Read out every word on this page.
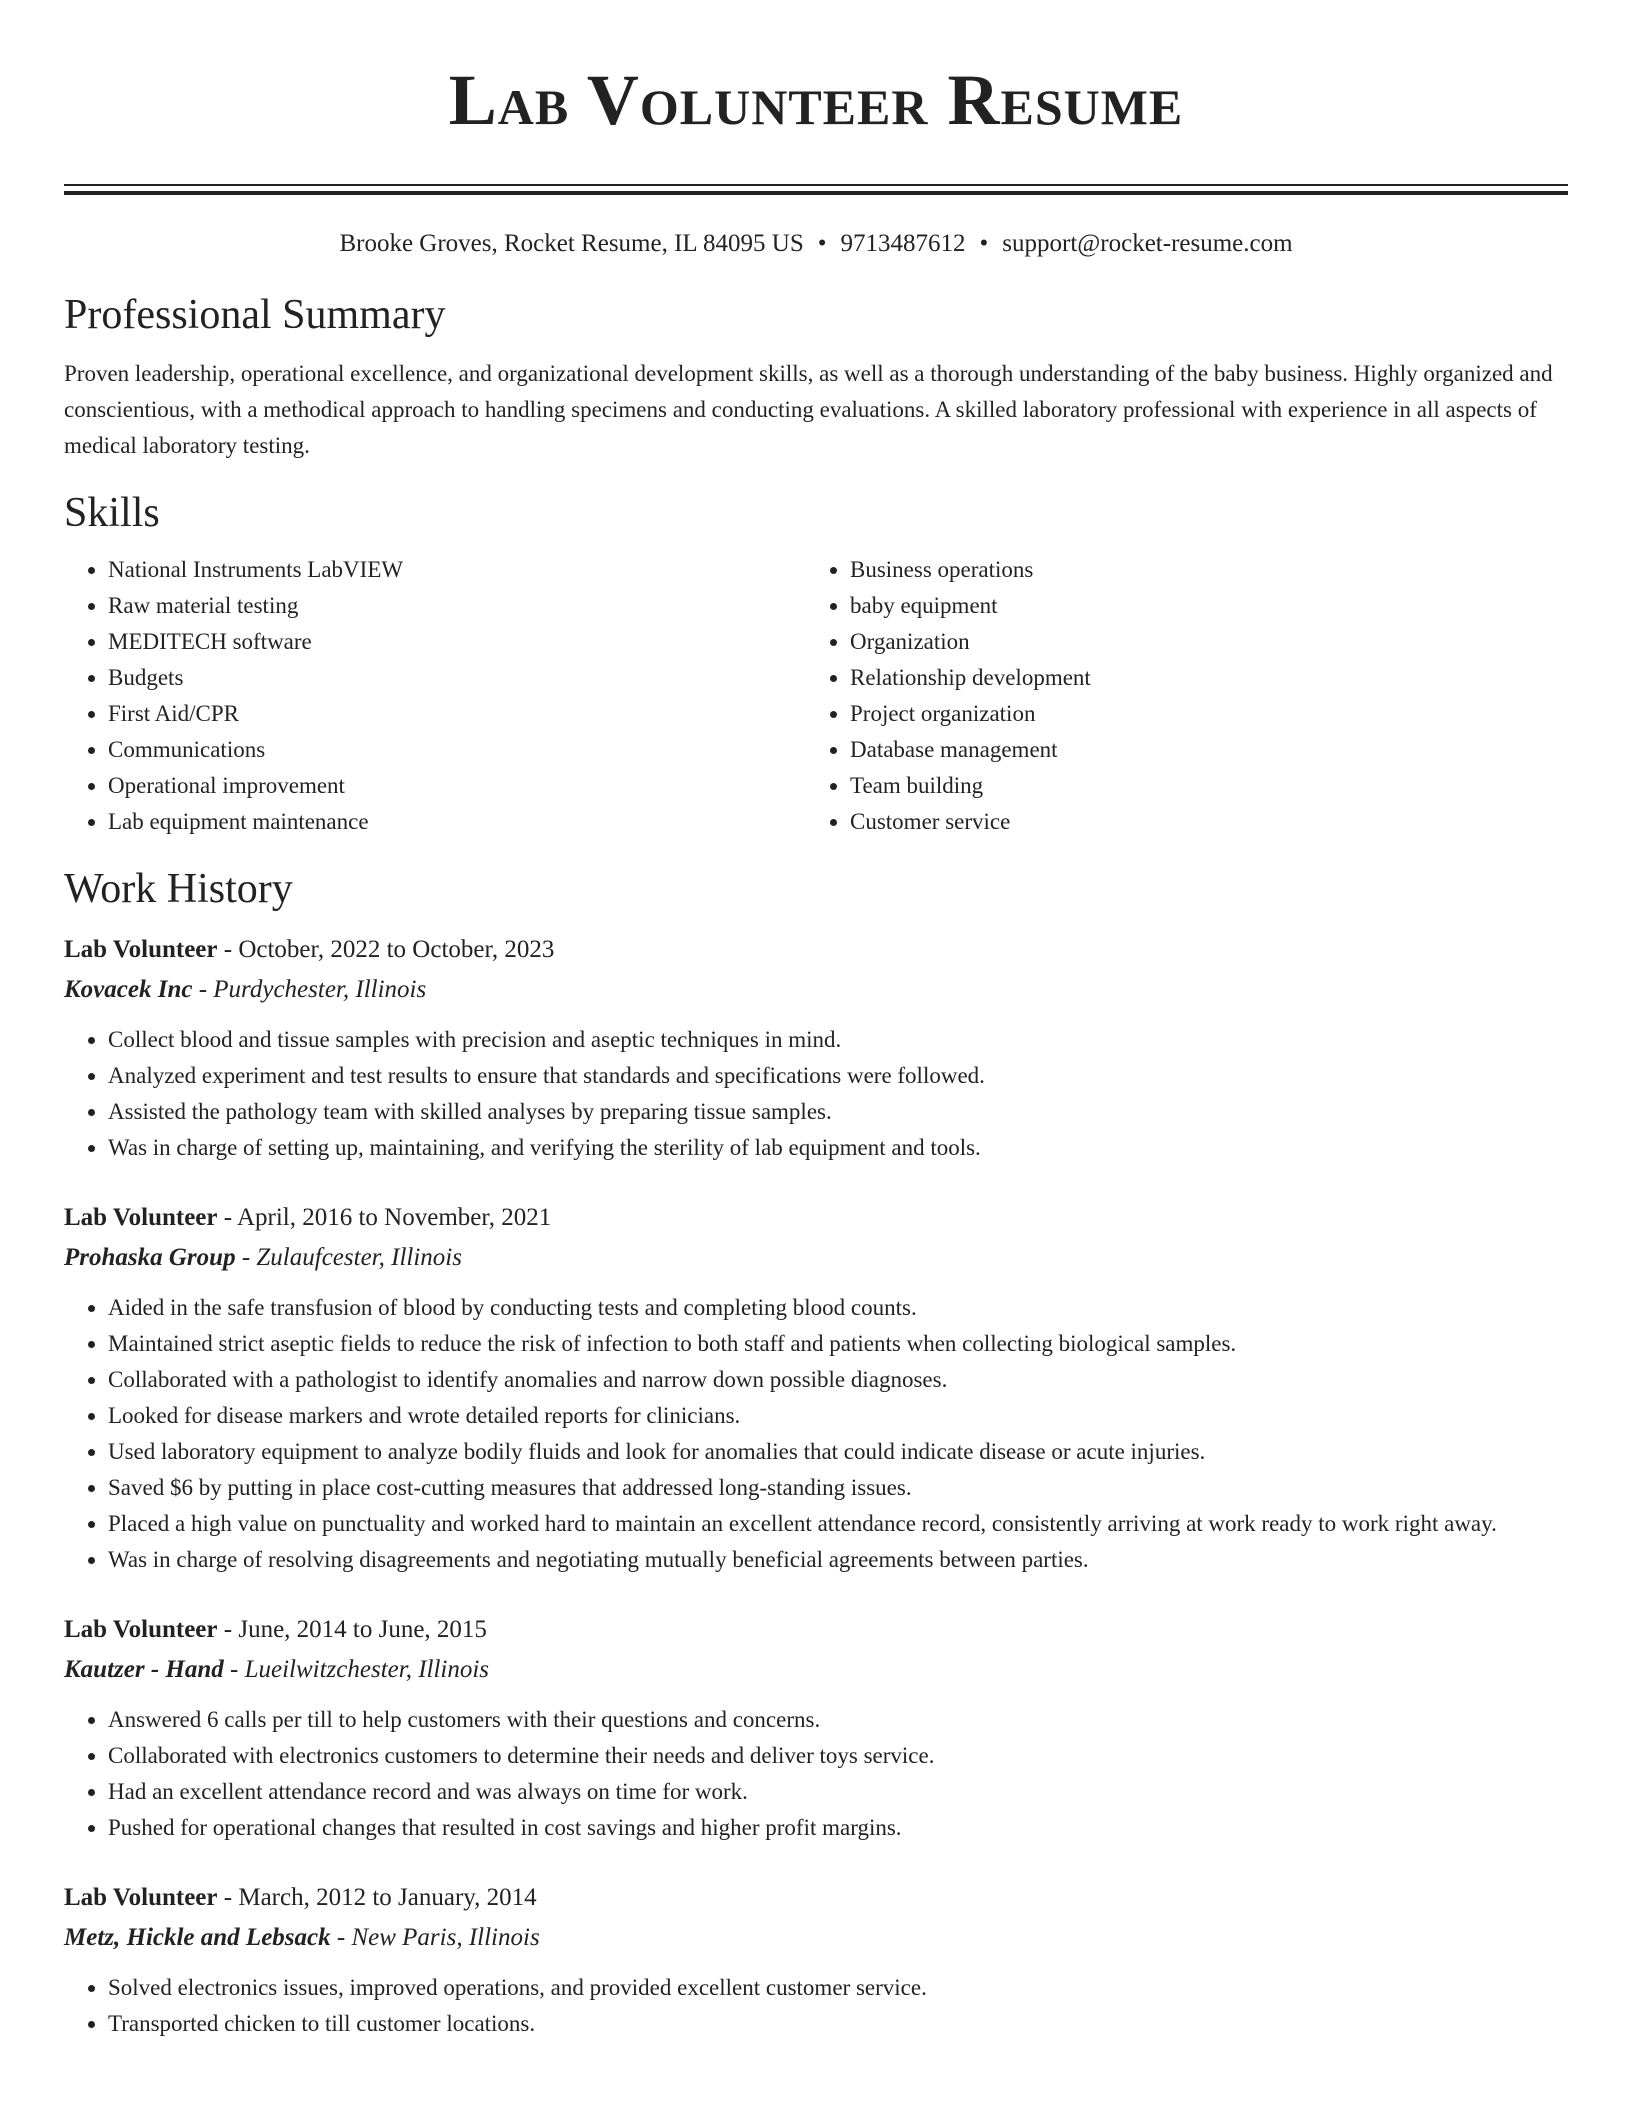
Lab Volunteer Resume
Brooke Groves, Rocket Resume, IL 84095 US • 9713487612 • support@rocket-resume.com
Professional Summary

Proven leadership, operational excellence, and organizational development skills, as well as a thorough understanding of the baby business. Highly organized and conscientious, with a methodical approach to handling specimens and conducting evaluations. A skilled laboratory professional with experience in all aspects of medical laboratory testing.

Skills
• National Instruments LabVIEW
• Raw material testing
• MEDITECH software
• Budgets
• First Aid/CPR
• Communications
• Operational improvement
• Lab equipment maintenance
• Business operations
• baby equipment
• Organization
• Relationship development
• Project organization
• Database management
• Team building
• Customer service
Work History
Lab Volunteer - October, 2022 to October, 2023
Kovacek Inc - Purdychester, Illinois
• Collect blood and tissue samples with precision and aseptic techniques in mind.
• Analyzed experiment and test results to ensure that standards and specifications were followed.
• Assisted the pathology team with skilled analyses by preparing tissue samples.
• Was in charge of setting up, maintaining, and verifying the sterility of lab equipment and tools.
Lab Volunteer - April, 2016 to November, 2021
Prohaska Group - Zulaufcester, Illinois
• Aided in the safe transfusion of blood by conducting tests and completing blood counts.
• Maintained strict aseptic fields to reduce the risk of infection to both staff and patients when collecting biological samples.
• Collaborated with a pathologist to identify anomalies and narrow down possible diagnoses.
• Looked for disease markers and wrote detailed reports for clinicians.
• Used laboratory equipment to analyze bodily fluids and look for anomalies that could indicate disease or acute injuries.
• Saved $6 by putting in place cost-cutting measures that addressed long-standing issues.
• Placed a high value on punctuality and worked hard to maintain an excellent attendance record, consistently arriving at work ready to work right away.
• Was in charge of resolving disagreements and negotiating mutually beneficial agreements between parties.
Lab Volunteer - June, 2014 to June, 2015
Kautzer - Hand - Lueilwitzchester, Illinois
• Answered 6 calls per till to help customers with their questions and concerns.
• Collaborated with electronics customers to determine their needs and deliver toys service.
• Had an excellent attendance record and was always on time for work.
• Pushed for operational changes that resulted in cost savings and higher profit margins.
Lab Volunteer - March, 2012 to January, 2014
Metz, Hickle and Lebsack - New Paris, Illinois
• Solved electronics issues, improved operations, and provided excellent customer service.
• Transported chicken to till customer locations.
